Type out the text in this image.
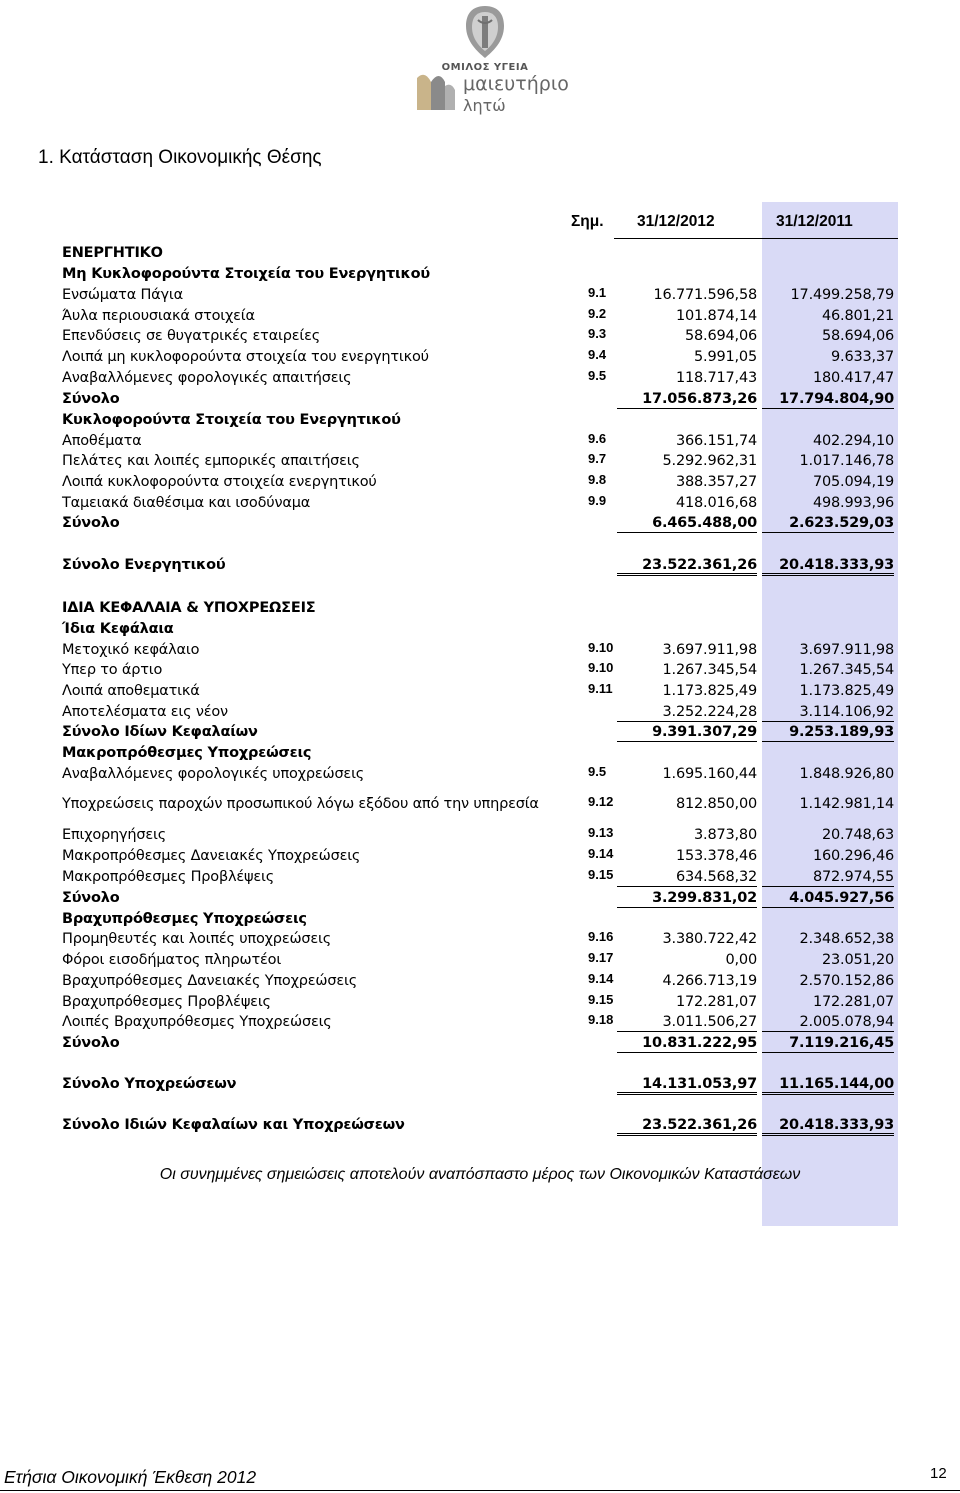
ΟΜΙΛΟΣ ΥΓΕΙΑ
μαιευτήριο
λητώ
1. Κατάσταση Οικονομικής Θέσης
Σημ. 31/12/2012	31/12/2011
ΕΝΕΡΓΗΤΙΚΟ
Μη Κυκλοφορούντα Στοιχεία του Ενεργητικού
Ενσώματα Πάγια	9.1	16.771.596,58	17.499.258,79
Άυλα περιουσιακά στοιχεία	9.2	101.874,14	46.801,21
Επενδύσεις σε θυγατρικές εταιρείες	9.3	58.694,06	58.694,06
Λοιπά μη κυκλοφορούντα στοιχεία του ενεργητικού	9.4	5.991,05	9.633,37
Αναβαλλόμενες φορολογικές απαιτήσεις	9.5	118.717,43	180.417,47
Σύνολο	17.056.873,26	17.794.804,90
Κυκλοφορούντα Στοιχεία του Ενεργητικού
Αποθέματα	9.6	366.151,74	402.294,10
Πελάτες και λοιπές εμπορικές απαιτήσεις	9.7	5.292.962,31	1.017.146,78
Λοιπά κυκλοφορούντα στοιχεία ενεργητικού	9.8	388.357,27	705.094,19
Ταμειακά διαθέσιμα και ισοδύναμα	9.9	418.016,68	498.993,96
Σύνολο	6.465.488,00	2.623.529,03
Σύνολο Ενεργητικού	23.522.361,26	20.418.333,93
ΙΔΙΑ ΚΕΦΑΛΑΙΑ & ΥΠΟΧΡΕΩΣΕΙΣ
Ίδια Κεφάλαια
Μετοχικό κεφάλαιο	9.10	3.697.911,98	3.697.911,98
Υπερ το άρτιο	9.10	1.267.345,54	1.267.345,54
Λοιπά αποθεματικά	9.11	1.173.825,49	1.173.825,49
Αποτελέσματα εις νέον	3.252.224,28	3.114.106,92
Σύνολο Ιδίων Κεφαλαίων	9.391.307,29	9.253.189,93
Μακροπρόθεσμες Υποχρεώσεις
Αναβαλλόμενες φορολογικές υποχρεώσεις	9.5	1.695.160,44	1.848.926,80
Υποχρεώσεις παροχών προσωπικού λόγω εξόδου από την υπηρεσία	9.12	812.850,00	1.142.981,14
Επιχορηγήσεις	9.13	3.873,80	20.748,63
Μακροπρόθεσμες Δανειακές Υποχρεώσεις	9.14	153.378,46	160.296,46
Μακροπρόθεσμες Προβλέψεις	9.15	634.568,32	872.974,55
Σύνολο	3.299.831,02	4.045.927,56
Βραχυπρόθεσμες Υποχρεώσεις
Προμηθευτές και λοιπές υποχρεώσεις	9.16	3.380.722,42	2.348.652,38
Φόροι εισοδήματος πληρωτέοι	9.17	0,00	23.051,20
Βραχυπρόθεσμες Δανειακές Υποχρεώσεις	9.14	4.266.713,19	2.570.152,86
Βραχυπρόθεσμες Προβλέψεις	9.15	172.281,07	172.281,07
Λοιπές Βραχυπρόθεσμες Υποχρεώσεις	9.18	3.011.506,27	2.005.078,94
Σύνολο	10.831.222,95	7.119.216,45
Σύνολο Υποχρεώσεων	14.131.053,97	11.165.144,00
Σύνολο Ιδιών Κεφαλαίων και Υποχρεώσεων	23.522.361,26	20.418.333,93
Οι συνημμένες σημειώσεις αποτελούν αναπόσπαστο μέρος των Οικονομικών Καταστάσεων
Ετήσια Οικονομική Έκθεση 2012	12
